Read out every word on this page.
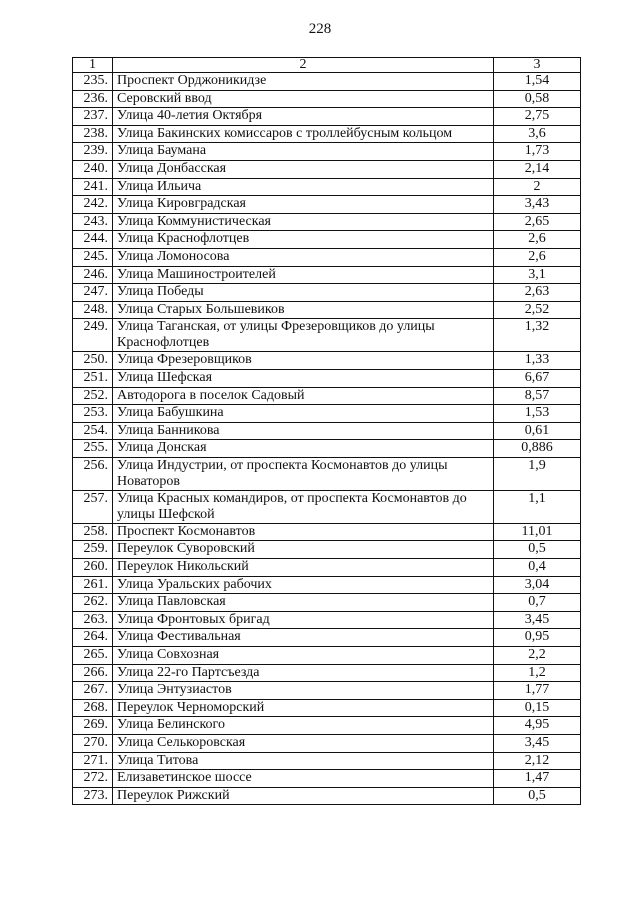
228
1	2	3
235.	Проспект Орджоникидзе	1,54
236.	Серовский ввод	0,58
237.	Улица 40-летия Октября	2,75
238.	Улица Бакинских комиссаров с троллейбусным кольцом	3,6
239.	Улица Баумана	1,73
240.	Улица Донбасская	2,14
241.	Улица Ильича	2
242.	Улица Кировградская	3,43
243.	Улица Коммунистическая	2,65
244.	Улица Краснофлотцев	2,6
245.	Улица Ломоносова	2,6
246.	Улица Машиностроителей	3,1
247.	Улица Победы	2,63
248.	Улица Старых Большевиков	2,52
249.	Улица Таганская, от улицы Фрезеровщиков до улицы Краснофлотцев	1,32
250.	Улица Фрезеровщиков	1,33
251.	Улица Шефская	6,67
252.	Автодорога в поселок Садовый	8,57
253.	Улица Бабушкина	1,53
254.	Улица Банникова	0,61
255.	Улица Донская	0,886
256.	Улица Индустрии, от проспекта Космонавтов до улицы Новаторов	1,9
257.	Улица Красных командиров, от проспекта Космонавтов до улицы Шефской	1,1
258.	Проспект Космонавтов	11,01
259.	Переулок Суворовский	0,5
260.	Переулок Никольский	0,4
261.	Улица Уральских рабочих	3,04
262.	Улица Павловская	0,7
263.	Улица Фронтовых бригад	3,45
264.	Улица Фестивальная	0,95
265.	Улица Совхозная	2,2
266.	Улица 22-го Партсъезда	1,2
267.	Улица Энтузиастов	1,77
268.	Переулок Черноморский	0,15
269.	Улица Белинского	4,95
270.	Улица Селькоровская	3,45
271.	Улица Титова	2,12
272.	Елизаветинское шоссе	1,47
273.	Переулок Рижский	0,5
